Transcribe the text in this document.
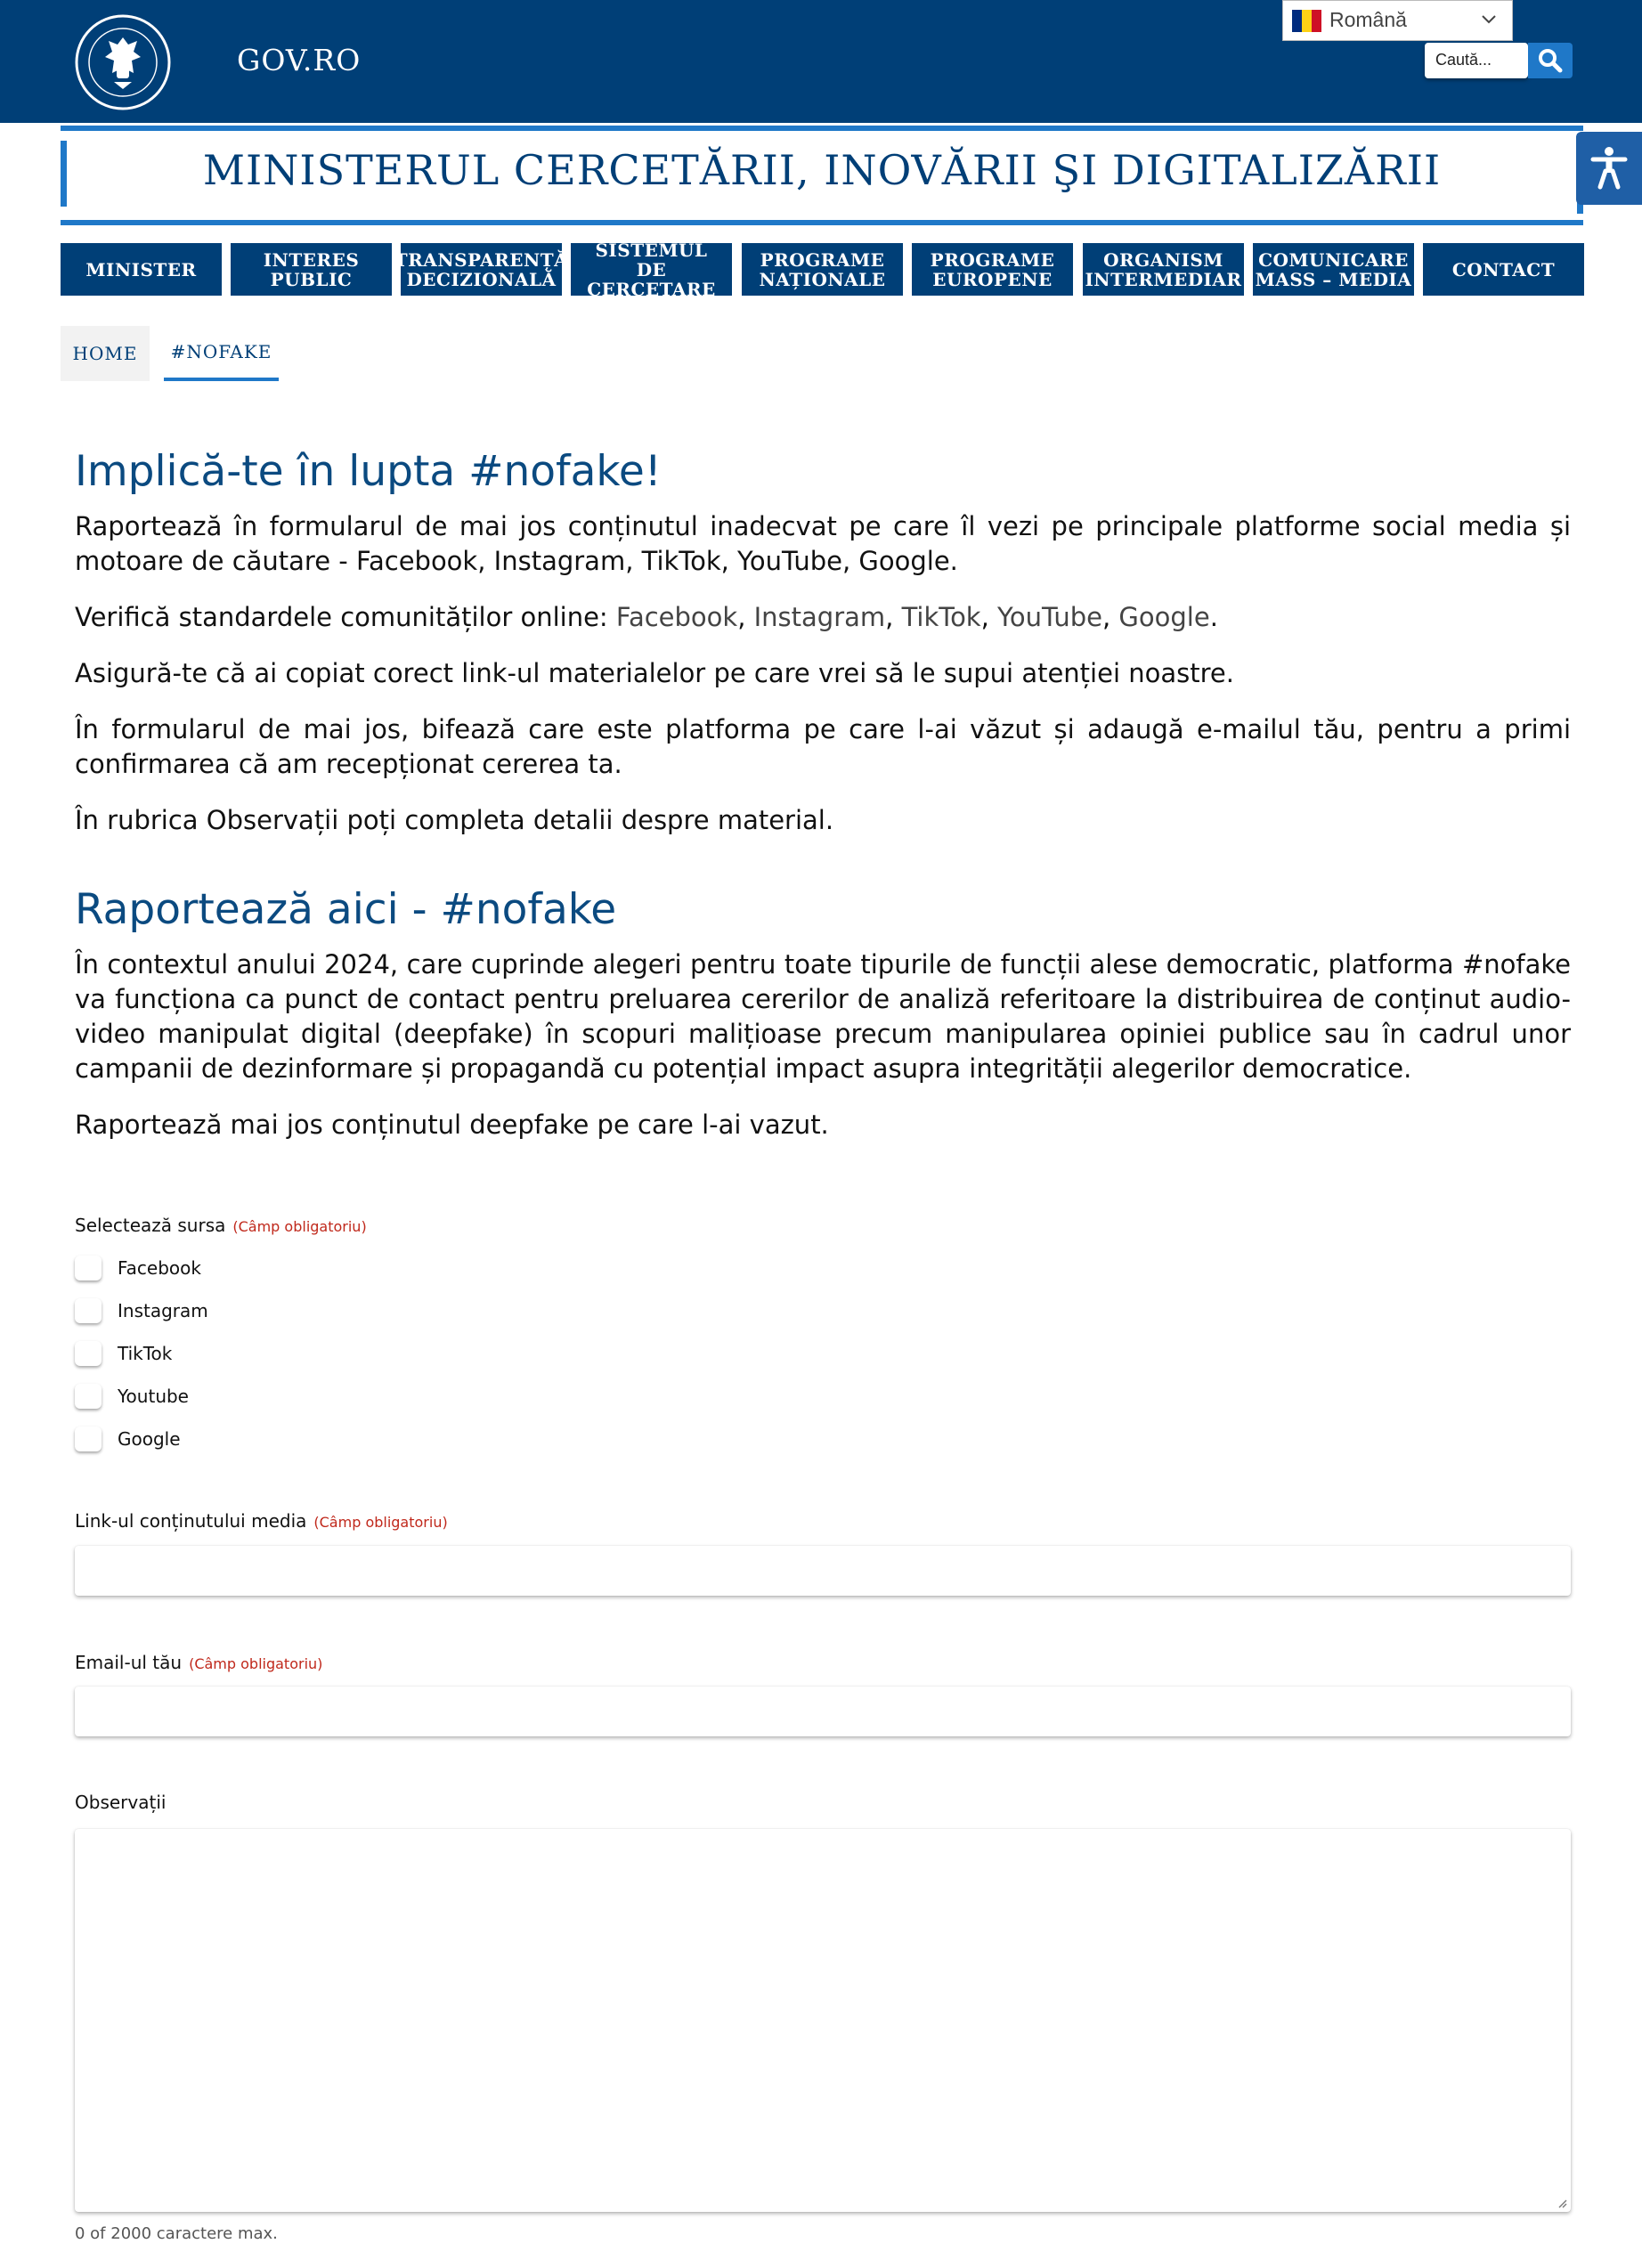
GOV.RO
Română
Caută...
MINISTERUL CERCETĂRII, INOVĂRII ŞI DIGITALIZĂRII
MINISTER	INTERES
PUBLIC
TRANSPARENȚĂ
DECIZIONALĂ
SISTEMUL
DE CERCETARE
PROGRAME
NAȚIONALE
PROGRAME
EUROPENE
ORGANISM
INTERMEDIAR
COMUNICARE
MASS – MEDIA CONTACT
HOME	#NOFAKE
Implică-te în lupta #nofake!
Raportează în formularul de mai jos conținutul inadecvat pe care îl vezi pe principale platforme social media și motoare de căutare - Facebook, Instagram, TikTok, YouTube, Google.
Verifică standardele comunităților online: Facebook, Instagram, TikTok, YouTube, Google.
Asigură-te că ai copiat corect link-ul materialelor pe care vrei să le supui atenției noastre.
În formularul de mai jos, bifează care este platforma pe care l-ai văzut și adaugă e-mailul tău, pentru a primi confirmarea că am recepționat cererea ta.
În rubrica Observații poți completa detalii despre material.
Raportează aici - #nofake
În contextul anului 2024, care cuprinde alegeri pentru toate tipurile de funcții alese democratic, platforma #nofake va funcționa ca punct de contact pentru preluarea cererilor de analiză referitoare la distribuirea de conținut audio-video manipulat digital (deepfake) în scopuri malițioase precum manipularea opiniei publice sau în cadrul unor campanii de dezinformare și propagandă cu potențial impact asupra integrității alegerilor democratice.
Raportează mai jos conținutul deepfake pe care l-ai vazut.
Selectează sursa (Câmp obligatoriu)
Facebook
Instagram
TikTok
Youtube
Google
Link-ul conținutului media (Câmp obligatoriu)
Email-ul tău (Câmp obligatoriu)
Observații
0 of 2000 caractere max.
